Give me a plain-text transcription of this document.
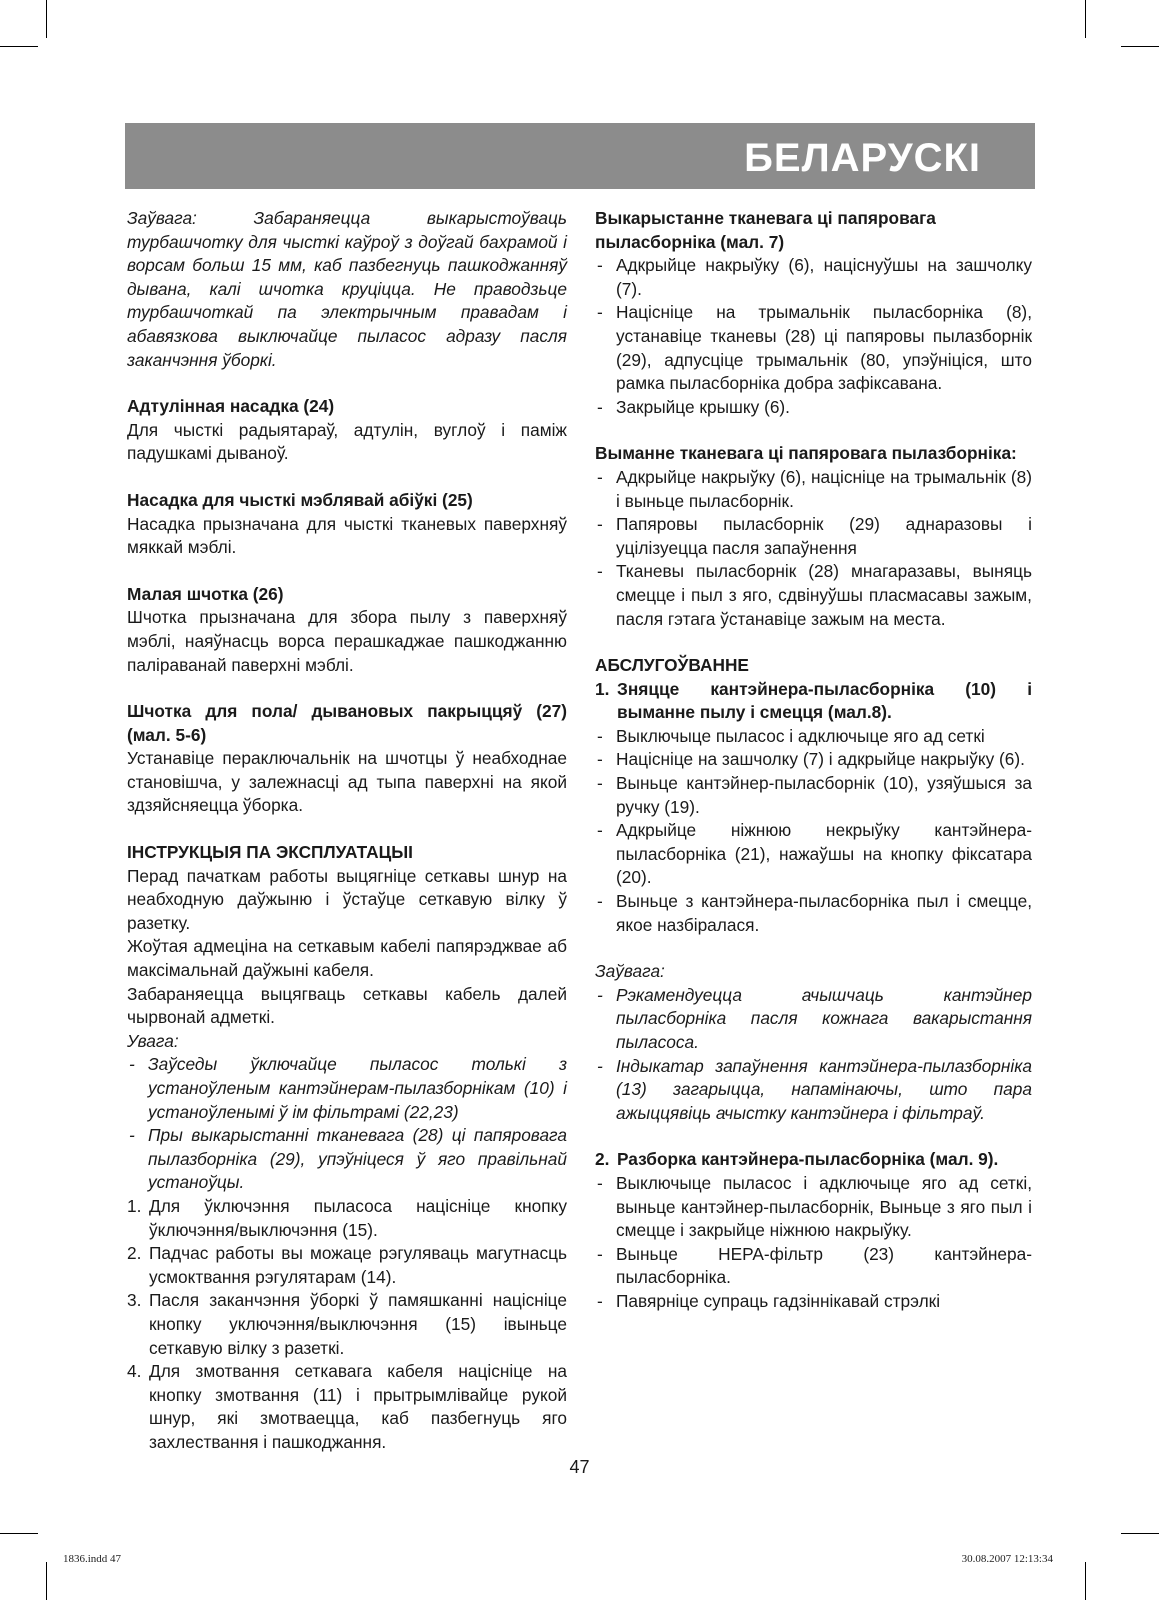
БЕЛАРУСКІ

Заўвага: Забараняецца выкарыстоўваць турбашчотку для чысткі каўроў з доўгай бахрамой і ворсам больш 15 мм, каб пазбегнуць пашкоджанняў дывана, калі шчотка круціцца. Не праводзьце турбашчоткай па электрычным правадам і абавязкова выключайце пыласос адразу пасля заканчэння ўборкі.

Адтулінная насадка (24)

Для чысткі радыятараў, адтулін, вуглоў і паміж падушкамі дываноў.

Насадка для чысткі мэблявай абіўкі (25)

Насадка прызначана для чысткі тканевых паверхняў мяккай мэблі.

Малая шчотка (26)

Шчотка прызначана для збора пылу з паверхняў мэблі, наяўнасць ворса перашкаджае пашкоджанню паліраванай паверхні мэблі.

Шчотка для пола/ дывановых пакрыццяў (27) (мал. 5-6)

Устанавіце пераключальнік на шчотцы ў неабходнае становішча, у залежнасці ад тыпа паверхні на якой здзяйсняецца ўборка.

ІНСТРУКЦЫЯ ПА ЭКСПЛУАТАЦЫІ

Перад пачаткам работы выцягніце сеткавы шнур на неабходную даўжыню і ўстаўце сеткавую вілку ў разетку.

Жоўтая адмеціна на сеткавым кабелі папярэджвае аб максімальнай даўжыні кабеля.

Забараняецца выцягваць сеткавы кабель далей чырвонай адметкі.

Увага:

- Заўседы ўключайце пыласос толькі з устаноўленым кантэйнерам-пылазборнікам (10) і устаноўленымі ў ім фільтрамі (22,23)

- Пры выкарыстанні тканевага (28) ці папяровага пылазборніка (29), упэўніцеся ў яго правільнай устаноўцы.

1. Для ўключэння пыласоса націсніце кнопку ўключэння/выключэння (15).
2. Падчас работы вы можаце рэгуляваць магутнасць усмоктвання рэгулятарам (14).
3. Пасля заканчэння ўборкі ў памяшканні націсніце кнопку уключэння/выключэння (15) івыньце сеткавую вілку з разеткі.
4. Для змотвання сеткавага кабеля націсніце на кнопку змотвання (11) і прытрымлівайце рукой шнур, які змотваецца, каб пазбегнуць яго захлествання і пашкоджання.

Выкарыстанне тканевага ці папяровага пыласборніка (мал. 7)

- Адкрыйце накрыўку (6), націснуўшы на зашчолку (7).

- Націсніце на трымальнік пыласборніка (8), устанавіце тканевы (28) ці папяровы пылазборнік (29), адпусціце трымальнік (80, упэўніціся, што рамка пыласборніка добра зафіксавана.

- Закрыйце крышку (6).

Выманне тканевага ці папяровага пылазборніка:

- Адкрыйце накрыўку (6), націсніце на трымальнік (8) і выньце пыласборнік.

- Папяровы пыласборнік (29) аднаразовы і уцілізуецца пасля запаўнення

- Тканевы пыласборнік (28) мнагаразавы, выняць смецце і пыл з яго, сдвінуўшы пласмасавы зажым, пасля гэтага ўстанавіце зажым на места.

АБСЛУГОЎВАННЕ

1. Зняцце кантэйнера-пыласборніка (10) і выманне пылу і смецця (мал.8).

- Выключыце пыласос і адключыце яго ад сеткі

- Націсніце на зашчолку (7) і адкрыйце накрыўку (6).

- Выньце кантэйнер-пыласборнік (10), узяўшыся за ручку (19).

- Адкрыйце ніжнюю некрыўку кантэйнера-пыласборніка (21), нажаўшы на кнопку фіксатара (20).

- Выньце з кантэйнера-пыласборніка пыл і смецце, якое назбіралася.

Заўвага:

- Рэкамендуецца ачышчаць кантэйнер пыласборніка пасля кожнага вакарыстання пыласоса.

- Індыкатар запаўнення кантэйнера-пылазборніка (13) загарыцца, напамінаючы, што пара ажыццявіць ачыстку кантэйнера і фільтраў.

2. Разборка кантэйнера-пыласборніка (мал. 9).

- Выключыце пыласос і адключыце яго ад сеткі, выньце кантэйнер-пыласборнік, Выньце з яго пыл і смецце і закрыйце ніжнюю накрыўку.

- Выньце HEPA-фільтр (23) кантэйнера-пыласборніка.

- Павярніце супраць гадзіннікавай стрэлкі

47
1836.indd 47	30.08.2007 12:13:34
